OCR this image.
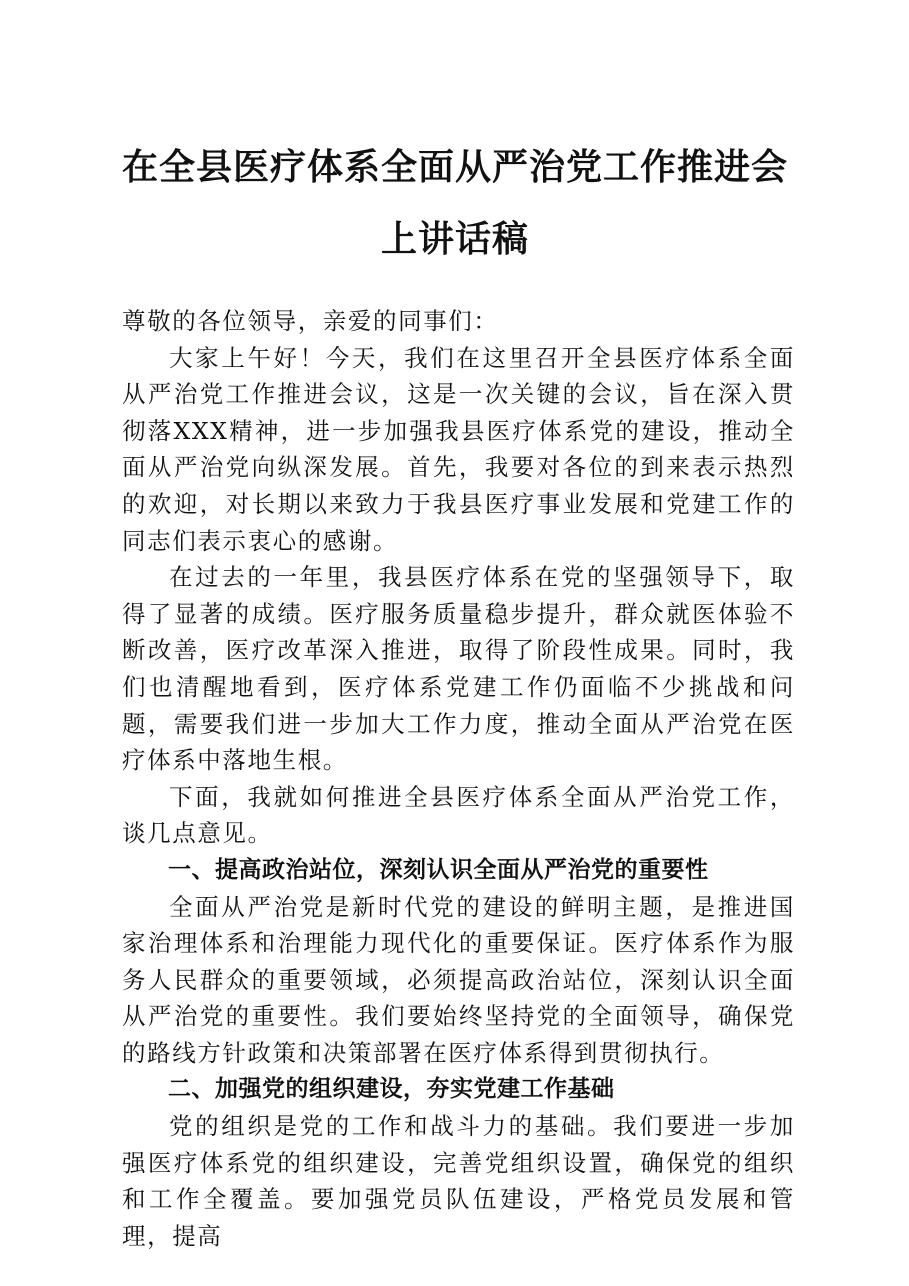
在全县医疗体系全面从严治党工作推进会上讲话稿

尊敬的各位领导，亲爱的同事们：

大家上午好！今天，我们在这里召开全县医疗体系全面从严治党工作推进会议，这是一次关键的会议，旨在深入贯彻落XXX精神，进一步加强我县医疗体系党的建设，推动全面从严治党向纵深发展。首先，我要对各位的到来表示热烈的欢迎，对长期以来致力于我县医疗事业发展和党建工作的同志们表示衷心的感谢。

在过去的一年里，我县医疗体系在党的坚强领导下，取得了显著的成绩。医疗服务质量稳步提升，群众就医体验不断改善，医疗改革深入推进，取得了阶段性成果。同时，我们也清醒地看到，医疗体系党建工作仍面临不少挑战和问题，需要我们进一步加大工作力度，推动全面从严治党在医疗体系中落地生根。

下面，我就如何推进全县医疗体系全面从严治党工作，谈几点意见。

一、提高政治站位，深刻认识全面从严治党的重要性

全面从严治党是新时代党的建设的鲜明主题，是推进国家治理体系和治理能力现代化的重要保证。医疗体系作为服务人民群众的重要领域，必须提高政治站位，深刻认识全面从严治党的重要性。我们要始终坚持党的全面领导，确保党的路线方针政策和决策部署在医疗体系得到贯彻执行。

二、加强党的组织建设，夯实党建工作基础

党的组织是党的工作和战斗力的基础。我们要进一步加强医疗体系党的组织建设，完善党组织设置，确保党的组织和工作全覆盖。要加强党员队伍建设，严格党员发展和管理，提高
